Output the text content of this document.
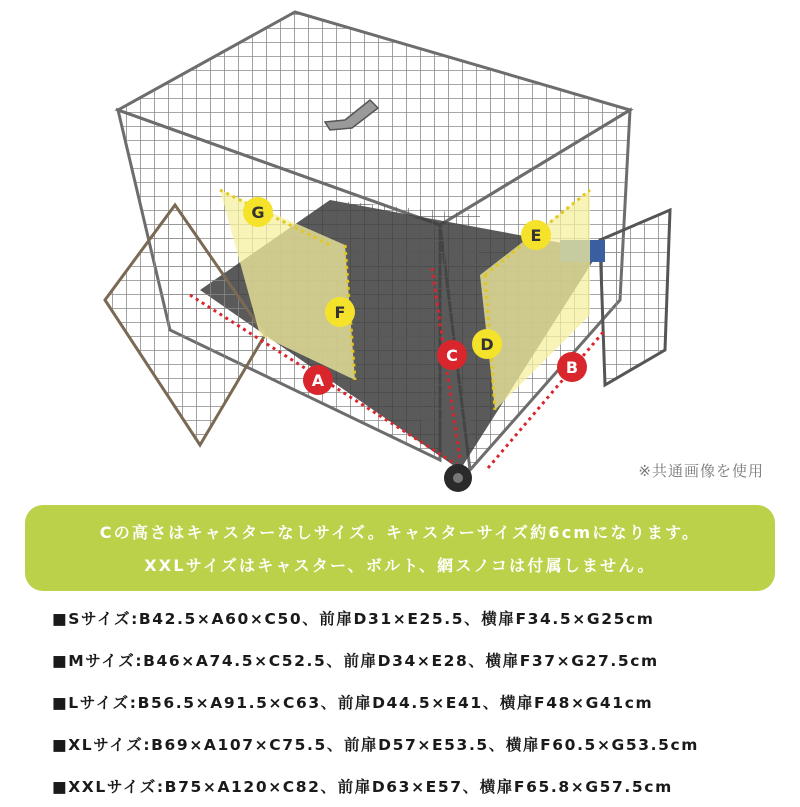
G
F
E
D
A
C
B
※共通画像を使用
Cの高さはキャスターなしサイズ。キャスターサイズ約6cmになります。
XXLサイズはキャスター、ボルト、網スノコは付属しません。
■Sサイズ:B42.5×A60×C50、前扉D31×E25.5、横扉F34.5×G25cm
■Mサイズ:B46×A74.5×C52.5、前扉D34×E28、横扉F37×G27.5cm
■Lサイズ:B56.5×A91.5×C63、前扉D44.5×E41、横扉F48×G41cm
■XLサイズ:B69×A107×C75.5、前扉D57×E53.5、横扉F60.5×G53.5cm
■XXLサイズ:B75×A120×C82、前扉D63×E57、横扉F65.8×G57.5cm
